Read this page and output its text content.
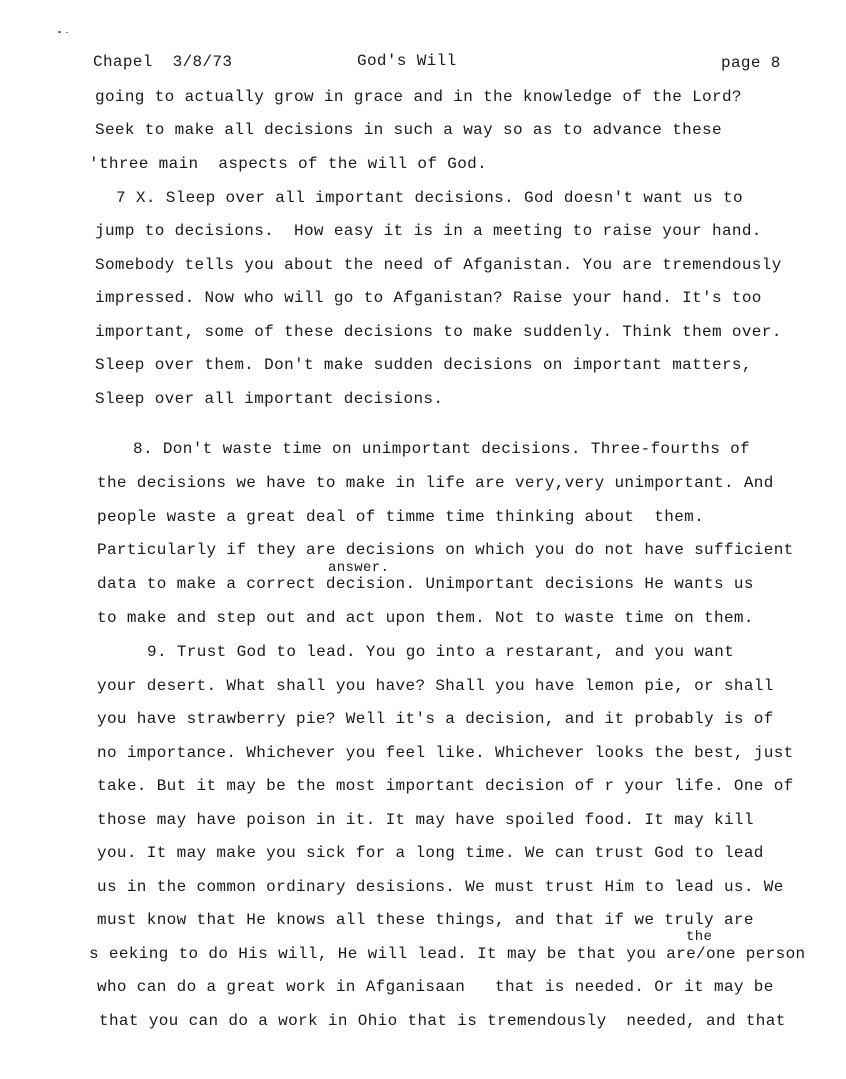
Chapel  3/8/73	God's Will	page 8
going to actually grow in grace and in the knowledge of the Lord?
Seek to make all decisions in such a way so as to advance these
'three main  aspects of the will of God.
7 X. Sleep over all important decisions. God doesn't want us to
jump to decisions.  How easy it is in a meeting to raise your hand.
Somebody tells you about the need of Afganistan. You are tremendously
impressed. Now who will go to Afganistan? Raise your hand. It's too
important, some of these decisions to make suddenly. Think them over.
Sleep over them. Don't make sudden decisions on important matters,
Sleep over all important decisions.
8. Don't waste time on unimportant decisions. Three-fourths of
the decisions we have to make in life are very,very unimportant. And
people waste a great deal of timme time thinking about  them.
Particularly if they are decisions on which you do not have sufficient
answer.
data to make a correct decision. Unimportant decisions He wants us
to make and step out and act upon them. Not to waste time on them.
9. Trust God to lead. You go into a restarant, and you want
your desert. What shall you have? Shall you have lemon pie, or shall
you have strawberry pie? Well it's a decision, and it probably is of
no importance. Whichever you feel like. Whichever looks the best, just
take. But it may be the most important decision of r your life. One of
those may have poison in it. It may have spoiled food. It may kill
you. It may make you sick for a long time. We can trust God to lead
us in the common ordinary desisions. We must trust Him to lead us. We
must know that He knows all these things, and that if we truly are
the
s eeking to do His will, He will lead. It may be that you are/one person
who can do a great work in Afganisaan   that is needed. Or it may be
that you can do a work in Ohio that is tremendously  needed, and that
